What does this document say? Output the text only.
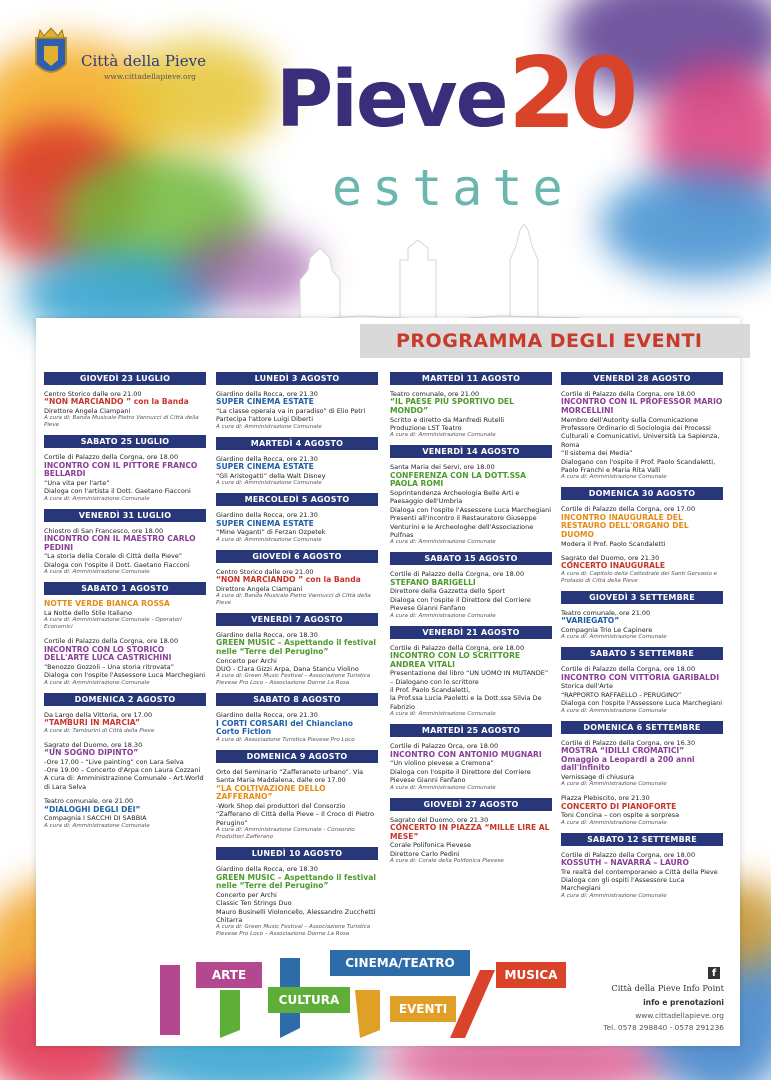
Città della Pieve
www.cittadellapieve.org Pieve 20
estate
PROGRAMMA DEGLI EVENTI
GIOVEDÌ 23 LUGLIO
Centro Storico dalle ore 21.00
“NON MARCIANDO ” con la Banda
Direttore Angela Ciampani
A cura di: Banda Musicale Pietro Vannucci di Città della Pieve
SABATO 25 LUGLIO
Cortile di Palazzo della Corgna, ore 18.00
INCONTRO CON IL PITTORE FRANCO BELLARDI
“Una vita per l'arte”
Dialoga con l'artista il Dott. Gaetano Fiacconi
A cura di: Amministrazione Comunale
VENERDÌ 31 LUGLIO
Chiostro di San Francesco, ore 18.00
INCONTRO CON IL MAESTRO CARLO PEDINI
“La storia della Corale di Città della Pieve”
Dialoga con l'ospite il Dott. Gaetano Fiacconi
A cura di: Amministrazione Comunale
SABATO 1 AGOSTO
NOTTE VERDE BIANCA ROSSA
La Notte dello Stile Italiano
A cura di: Amministrazione Comunale - Operatori Economici
Cortile di Palazzo della Corgna, ore 18.00
INCONTRO CON LO STORICO DELL'ARTE LUCA CASTRICHINI
“Benozzo Gozzoli – Una storia ritrovata”
Dialoga con l'ospite l'Assessore Luca Marchegiani
A cura di: Amministrazione Comunale
DOMENICA 2 AGOSTO
Da Largo della Vittoria, ore 17.00
“TAMBURI IN MARCIA”
A cura di: Tamburini di Città della Pieve
Sagrato del Duomo, ore 18.30
“UN SOGNO DIPINTO”
-Ore 17.00 - “Live painting” con Lara Selva
-Ore 19.00 – Concerto d'Arpa con Laura Cozzani
A cura di: Amministrazione Comunale - Art.World di Lara Selva
Teatro comunale, ore 21.00
“DIALOGHI DEGLI DEI”
Compagnia I SACCHI DI SABBIA
A cura di: Amministrazione Comunale
LUNEDÌ 3 AGOSTO
Giardino della Rocca, ore 21.30
SUPER CINEMA ESTATE
“La classe operaia va in paradiso” di Elio Petri
Partecipa l'attore Luigi Diberti
A cura di: Amministrazione Comunale
MARTEDÌ 4 AGOSTO
Giardino della Rocca, ore 21.30
SUPER CINEMA ESTATE
“Gli Aristogatti” della Walt Disney
A cura di: Amministrazione Comunale
MERCOLEDÌ 5 AGOSTO
Giardino della Rocca, ore 21.30
SUPER CINEMA ESTATE
“Mine Vaganti” di Ferzan Ozpetek
A cura di: Amministrazione Comunale
GIOVEDÌ 6 AGOSTO
Centro Storico dalle ore 21.00
“NON MARCIANDO ” con la Banda
Direttore Angela Ciampani
A cura di: Banda Musicale Pietro Vannucci di Città della Pieve
VENERDÌ 7 AGOSTO
Giardino della Rocca, ore 18.30
GREEN MUSIC – Aspettando il festival nelle “Terre del Perugino”
Concerto per Archi
DUO - Clara Gizzi Arpa, Dana Stancu Violino
A cura di: Green Music Festival – Associazione Turistica Pievese Pro Loco – Associazione Donne La Rosa
SABATO 8 AGOSTO
Giardino della Rocca, ore 21.30
I CORTI CORSARI del Chianciano Corto Fiction
A cura di: Associazione Turistica Pievese Pro Loco
DOMENICA 9 AGOSTO
Orto del Seminario “Zafferaneto urbano”. Via Santa Maria Maddalena, dalle ore 17.00
“LA COLTIVAZIONE DELLO ZAFFERANO”
-Work Shop dei produttori del Consorzio “Zafferano di Città della Pieve – Il Croco di Pietro Perugino”
A cura di: Amministrazione Comunale - Consorzio Produttori Zafferano
LUNEDÌ 10 AGOSTO
Giardino della Rocca, ore 18.30
GREEN MUSIC – Aspettando il festival nelle “Terre del Perugino”
Concerto per Archi
Classic Ten Strings Duo
Mauro Businelli Violoncello, Alessandro Zucchetti Chitarra
A cura di: Green Music Festival – Associazione Turistica Pievese Pro Loco – Associazione Donne La Rosa
MARTEDÌ 11 AGOSTO
Teatro comunale, ore 21.00
“IL PAESE PIÙ SPORTIVO DEL MONDO”
Scritto e diretto da Manfredi Rutelli
Produzione LST Teatro
A cura di: Amministrazione Comunale
VENERDÌ 14 AGOSTO
Santa Maria dei Servi, ore 18.00
CONFERENZA CON LA DOTT.SSA PAOLA ROMI
Soprintendenza Archeologia Belle Arti e Paesaggio dell'Umbria
Dialoga con l'ospite l'Assessore Luca Marchegiani
Presenti all'incontro il Restauratore Giuseppe Venturini e le Archeologhe dell'Associazione Pulfnas
A cura di: Amministrazione Comunale
SABATO 15 AGOSTO
Cortile di Palazzo della Corgna, ore 18.00
STEFANO BARIGELLI
Direttore della Gazzetta dello Sport
Dialoga con l'ospite il Direttore del Corriere Pievese Gianni Fanfano
A cura di: Amministrazione Comunale
VENERDÌ 21 AGOSTO
Cortile di Palazzo della Corgna, ore 18.00
INCONTRO CON LO SCRITTORE ANDREA VITALI
Presentazione del libro “UN UOMO IN MUTANDE” – Dialogano con lo scrittore
il Prof. Paolo Scandaletti,
la Prof.ssa Lucia Paoletti e la Dott.ssa Silvia De Fabrizio
A cura di: Amministrazione Comunale
MARTEDÌ 25 AGOSTO
Cortile di Palazzo Orca, ore 18.00
INCONTRO CON ANTONIO MUGNARI
“Un violino pievese a Cremona”
Dialoga con l'ospite il Direttore del Corriere Pievese Gianni Fanfano
A cura di: Amministrazione Comunale
GIOVEDÌ 27 AGOSTO
Sagrato del Duomo, ore 21.30
CONCERTO IN PIAZZA “MILLE LIRE AL MESE”
Corale Polifonica Pievese
Direttore Carlo Pedini
A cura di: Corale della Polifonica Pievese
VENERDÌ 28 AGOSTO
Cortile di Palazzo della Corgna, ore 18.00
INCONTRO CON IL PROFESSOR MARIO MORCELLINI
Membro dell'Autority sulla Comunicazione
Professore Ordinario di Sociologia dei Processi Culturali e Comunicativi, Università La Sapienza, Roma
“Il sistema dei Media”
Dialogano con l'ospite il Prof. Paolo Scandaletti, Paolo Franchi e Maria Rita Valli
A cura di: Amministrazione Comunale
DOMENICA 30 AGOSTO
Cortile di Palazzo della Corgna, ore 17.00
INCONTRO INAUGURALE DEL RESTAURO DELL'ORGANO DEL DUOMO
Modera il Prof. Paolo Scandaletti
Sagrato del Duomo, ore 21.30
CONCERTO INAUGURALE
A cura di: Capitolo della Cattedrale dei Santi Gervasio e Protasio di Città della Pieve
GIOVEDÌ 3 SETTEMBRE
Teatro comunale, ore 21.00
“VARIEGATO”
Compagnia Trio Le Capinere
A cura di: Amministrazione Comunale
SABATO 5 SETTEMBRE
Cortile di Palazzo della Corgna, ore 18.00
INCONTRO CON VITTORIA GARIBALDI
Storica dell'Arte
“RAPPORTO RAFFAELLO - PERUGINO”
Dialoga con l'ospite l'Assessore Luca Marchegiani
A cura di: Amministrazione Comunale
DOMENICA 6 SETTEMBRE
Cortile di Palazzo della Corgna, ore 16.30
MOSTRA “IDILLI CROMATICI” Omaggio a Leopardi a 200 anni dall'Infinito
Vernissage di chiusura
A cura di: Amministrazione Comunale
Piazza Plebiscito, ore 21.30
CONCERTO DI PIANOFORTE
Toni Concina – con ospite a sorpresa
A cura di: Amministrazione Comunale
SABATO 12 SETTEMBRE
Cortile di Palazzo della Corgna, ore 18.00
KOSSUTH – NAVARRA – LAURO
Tre realtà del contemporaneo a Città della Pieve
Dialoga con gli ospiti l'Assessore Luca Marchegiani
A cura di: Amministrazione Comunale
ARTE
CULTURA
CINEMA/TEATRO
EVENTI
MUSICA	f
Città della Pieve Info Point
info e prenotazioni
www.cittadellapieve.org
Tel. 0578 298840 - 0578 291236
